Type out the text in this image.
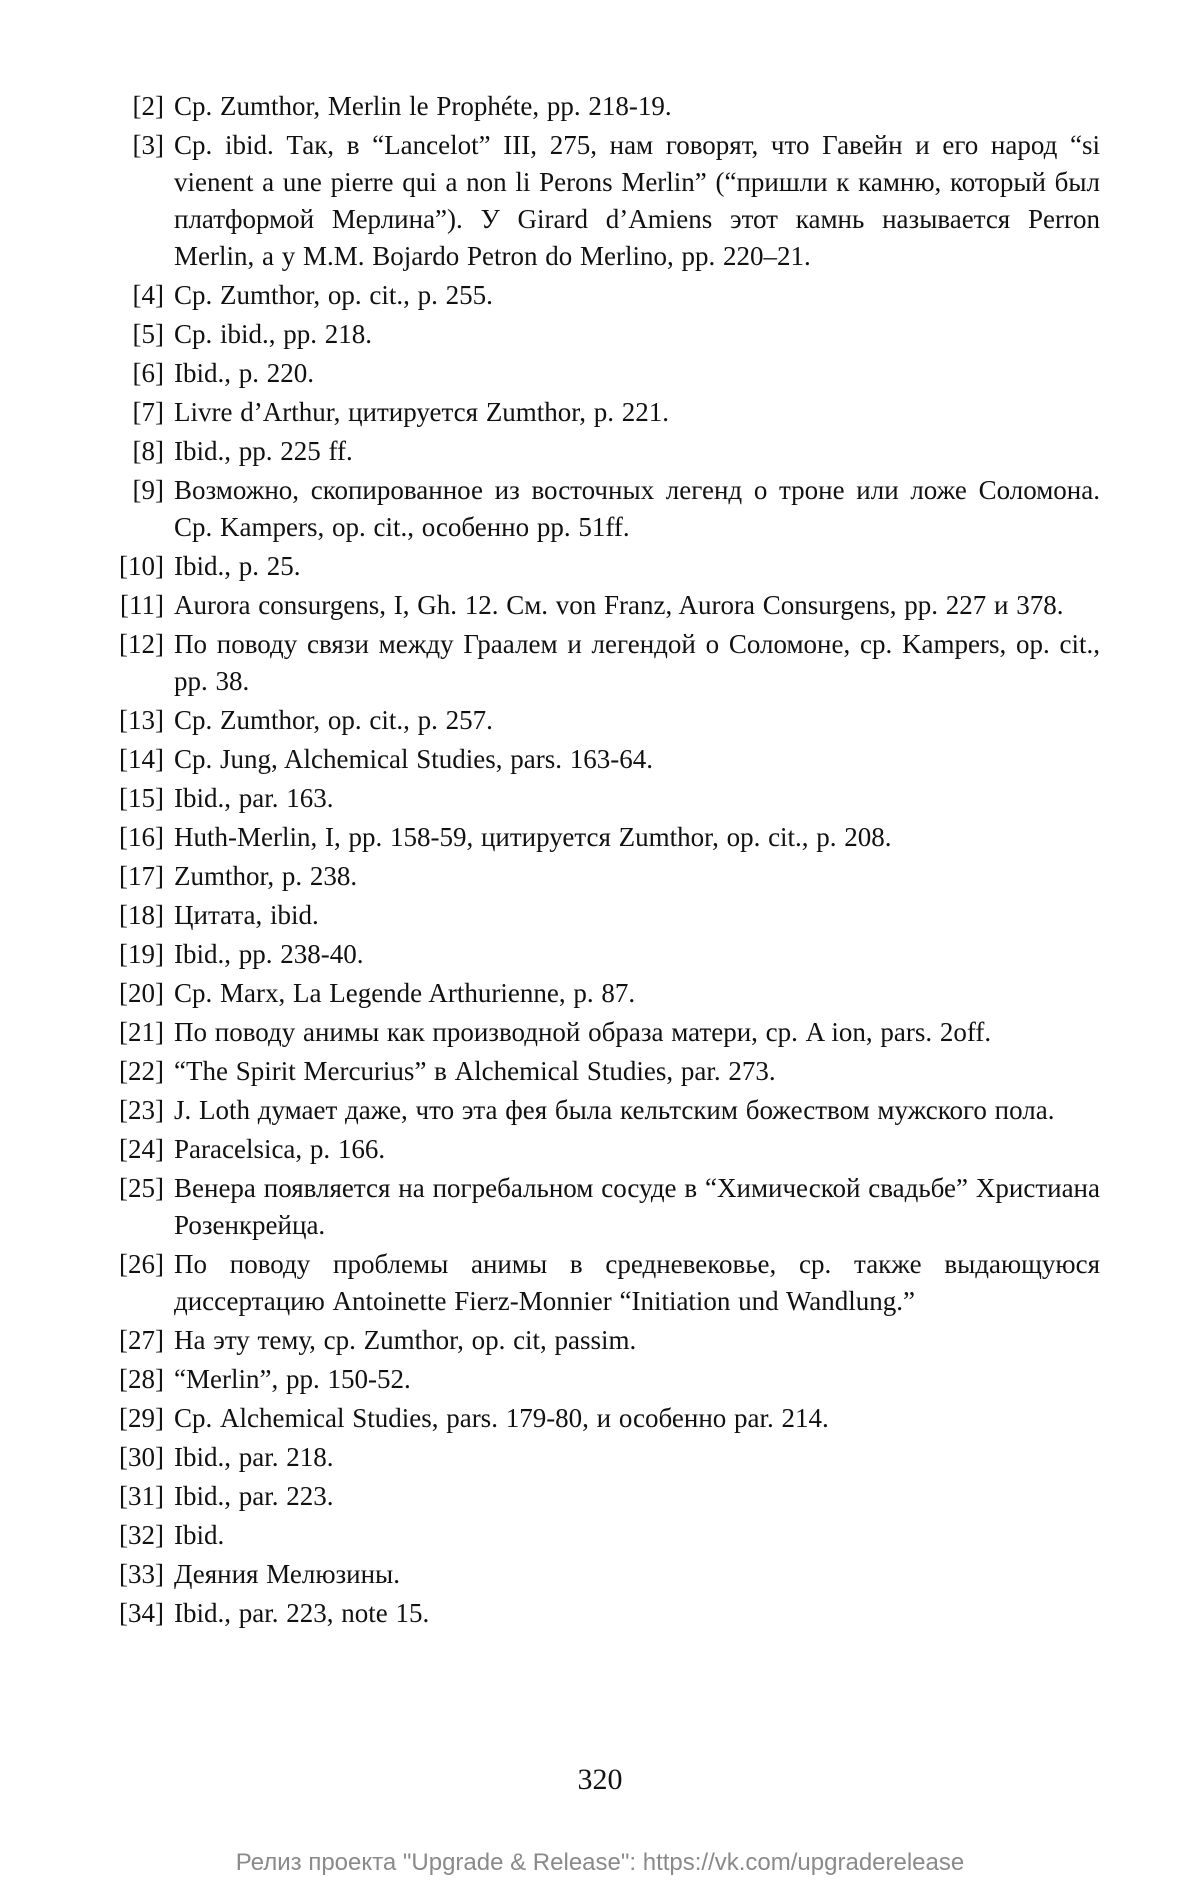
[2] Ср. Zumthor, Merlin le Prophéte, pp. 218-19.
[3] Ср. ibid. Так, в “Lancelot” III, 275, нам говорят, что Гавейн и его народ “si vienent a une pierre qui a non li Perons Merlin” (“пришли к камню, который был платформой Мерлина”). У Girard d’Amiens этот камнь называется Perron Merlin, а у M.M. Bojardo Petron do Merlino, pp. 220–21.
[4] Ср. Zumthor, op. cit., p. 255.
[5] Ср. ibid., pp. 218.
[6] Ibid., p. 220.
[7] Livre d’Arthur, цитируется Zumthor, p. 221.
[8] Ibid., pp. 225 ff.
[9] Возможно, скопированное из восточных легенд о троне или ложе Соломона. Ср. Kampers, op. cit., особенно pp. 51ff.
[10] Ibid., p. 25.
[11] Aurora consurgens, I, Gh. 12. См. von Franz, Aurora Consurgens, pp. 227 и 378.
[12] По поводу связи между Граалем и легендой о Соломоне, ср. Kampers, op. cit., pp. 38.
[13] Ср. Zumthor, op. cit., p. 257.
[14] Ср. Jung, Alchemical Studies, pars. 163-64.
[15] Ibid., par. 163.
[16] Huth-Merlin, I, pp. 158-59, цитируется Zumthor, op. cit., p. 208.
[17] Zumthor, p. 238.
[18] Цитата, ibid.
[19] Ibid., pp. 238-40.
[20] Ср. Marx, La Legende Arthurienne, p. 87.
[21] По поводу анимы как производной образа матери, ср. A ion, pars. 2off.
[22] “The Spirit Mercurius” в Alchemical Studies, par. 273.
[23] J. Loth думает даже, что эта фея была кельтским божеством мужского пола.
[24] Paracelsica, p. 166.
[25] Венера появляется на погребальном сосуде в “Химической свадьбе” Христиана Розенкрейца.
[26] По поводу проблемы анимы в средневековье, ср. также выдающуюся диссертацию Antoinette Fierz-Monnier “Initiation und Wandlung.”
[27] На эту тему, ср. Zumthor, op. cit, passim.
[28] “Merlin”, pp. 150-52.
[29] Ср. Alchemical Studies, pars. 179-80, и особенно par. 214.
[30] Ibid., par. 218.
[31] Ibid., par. 223.
[32] Ibid.
[33] Деяния Мелюзины.
[34] Ibid., par. 223, note 15.
320
Релиз проекта "Upgrade & Release": https://vk.com/upgraderelease
